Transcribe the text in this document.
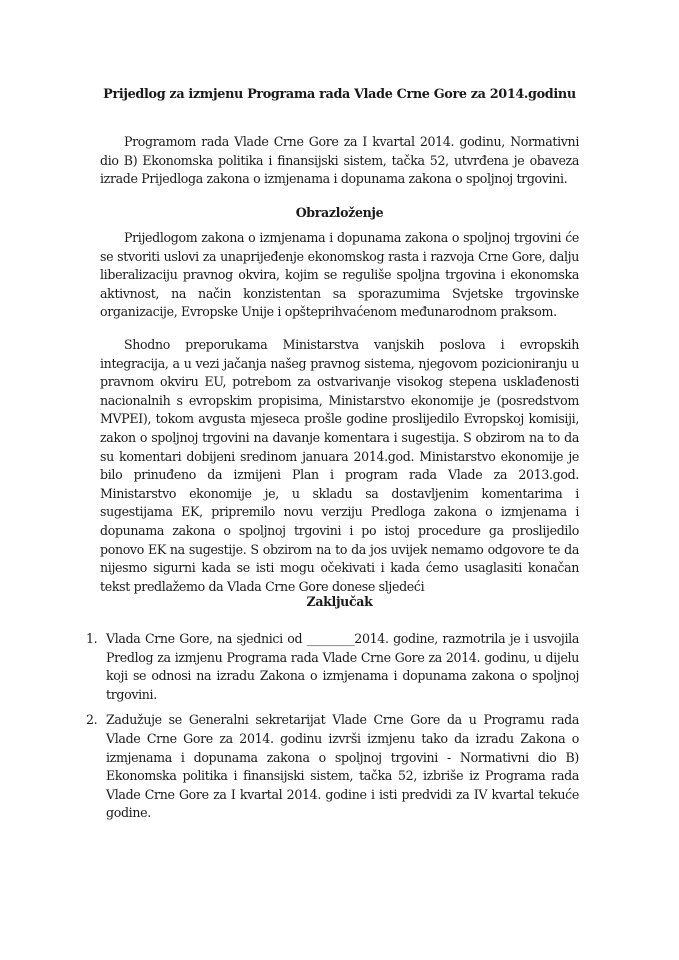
Prijedlog za izmjenu Programa rada Vlade Crne Gore za 2014.godinu

Programom rada Vlade Crne Gore za I kvartal 2014. godinu, Normativni dio B) Ekonomska politika i finansijski sistem, tačka 52, utvrđena je obaveza izrade Prijedloga zakona o izmjenama i dopunama zakona o spoljnoj trgovini.

Obrazloženje

Prijedlogom zakona o izmjenama i dopunama zakona o spoljnoj trgovini će se stvoriti uslovi za unaprijeđenje ekonomskog rasta i razvoja Crne Gore, dalju liberalizaciju pravnog okvira, kojim se reguliše spoljna trgovina i ekonomska aktivnost, na način konzistentan sa sporazumima Svjetske trgovinske organizacije, Evropske Unije i opšteprihvaćenom međunarodnom praksom.

Shodno preporukama Ministarstva vanjskih poslova i evropskih integracija, a u vezi jačanja našeg pravnog sistema, njegovom pozicioniranju u pravnom okviru EU, potrebom za ostvarivanje visokog stepena usklađenosti nacionalnih s evropskim propisima, Ministarstvo ekonomije je (posredstvom MVPEI), tokom avgusta mjeseca prošle godine proslijedilo Evropskoj komisiji, zakon o spoljnoj trgovini na davanje komentara i sugestija. S obzirom na to da su komentari dobijeni sredinom januara 2014.god. Ministarstvo ekonomije je bilo prinuđeno da izmijeni Plan i program rada Vlade za 2013.god. Ministarstvo ekonomije je, u skladu sa dostavljenim komentarima i sugestijama EK, pripremilo novu verziju Predloga zakona o izmjenama i dopunama zakona o spoljnoj trgovini i po istoj procedure ga proslijedilo ponovo EK na sugestije. S obzirom na to da jos uvijek nemamo odgovore te da nijesmo sigurni kada se isti mogu očekivati i kada ćemo usaglasiti konačan tekst predlažemo da Vlada Crne Gore donese sljedeći

Zaključak
1. Vlada Crne Gore, na sjednici od ________2014. godine, razmotrila je i usvojila Predlog za izmjenu Programa rada Vlade Crne Gore za 2014. godinu, u dijelu koji se odnosi na izradu Zakona o izmjenama i dopunama zakona o spoljnoj trgovini.
2. Zadužuje se Generalni sekretarijat Vlade Crne Gore da u Programu rada Vlade Crne Gore za 2014. godinu izvrši izmjenu tako da izradu Zakona o izmjenama i dopunama zakona o spoljnoj trgovini - Normativni dio B) Ekonomska politika i finansijski sistem, tačka 52, izbriše iz Programa rada Vlade Crne Gore za I kvartal 2014. godine i isti predvidi za IV kvartal tekuće godine.
